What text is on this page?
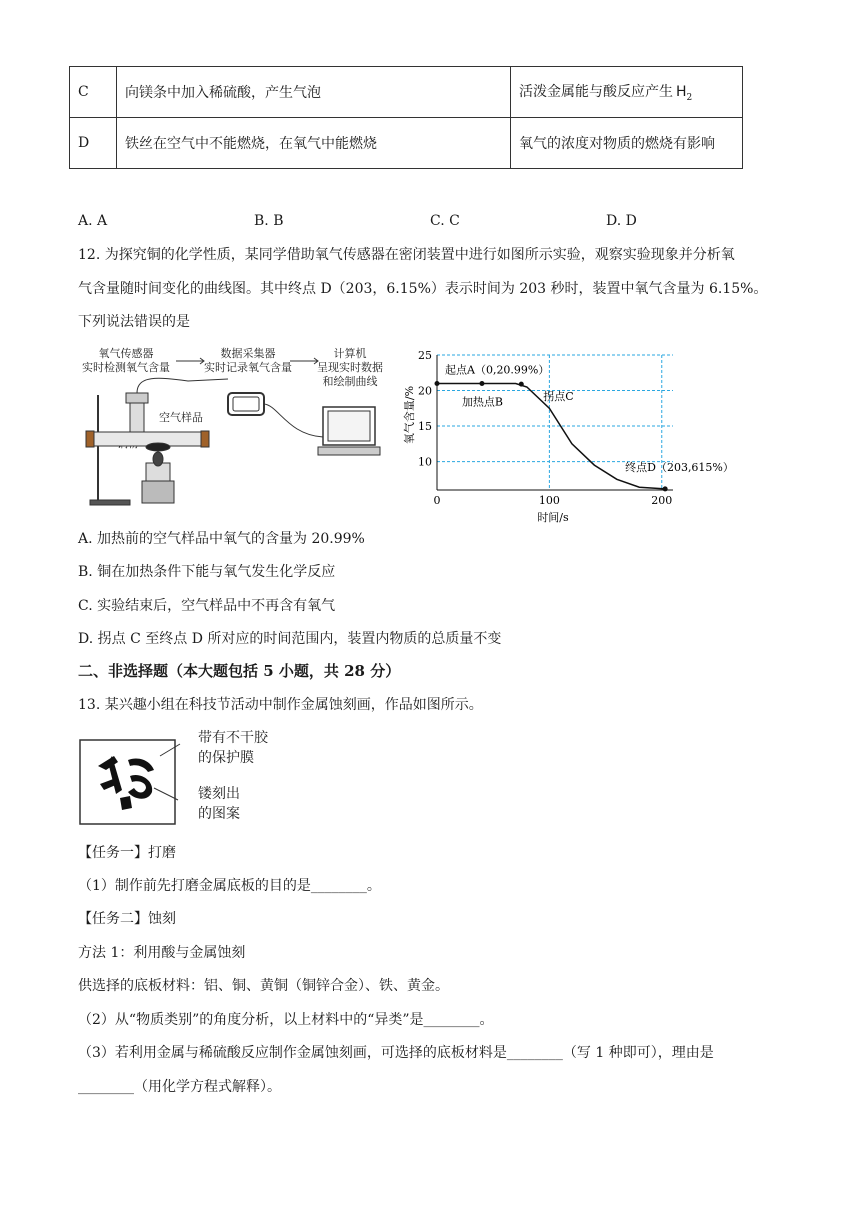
C	向镁条中加入稀硫酸，产生气泡	活泼金属能与酸反应产生 $H_2$
D	铁丝在空气中不能燃烧，在氧气中能燃烧	氧气的浓度对物质的燃烧有影响
A. A	B. B	C. C	D. D
12. 为探究铜的化学性质，某同学借助氧气传感器在密闭装置中进行如图所示实验，观察实验现象并分析氧
气含量随时间变化的曲线图。其中终点 D（203，6.15%）表示时间为 203 秒时，装置中氧气含量为 6.15%。
下列说法错误的是
氧气传感器
实时检测氧气含量
数据采集器
实时记录氧气含量
计算机
呈现实时数据
和绘制曲线
空气样品
10
15
20
25
0	100	200
起点A（0,20.99%）
加热点B	拐点C
终点D（203,615%）
氧气含量/%
时间/s
A. 加热前的空气样品中氧气的含量为 20.99%
B. 铜在加热条件下能与氧气发生化学反应
C. 实验结束后，空气样品中不再含有氧气
D. 拐点 C 至终点 D 所对应的时间范围内，装置内物质的总质量不变
二、非选择题（本大题包括 5 小题，共 28 分）
13. 某兴趣小组在科技节活动中制作金属蚀刻画，作品如图所示。
带有不干胶
的保护膜
镂刻出
的图案
【任务一】打磨
（1）制作前先打磨金属底板的目的是________。
【任务二】蚀刻
方法 1：利用酸与金属蚀刻
供选择的底板材料：铝、铜、黄铜（铜锌合金）、铁、黄金。
（2）从“物质类别”的角度分析，以上材料中的“异类”是________。
（3）若利用金属与稀硫酸反应制作金属蚀刻画，可选择的底板材料是________（写 1 种即可），理由是
________（用化学方程式解释）。
